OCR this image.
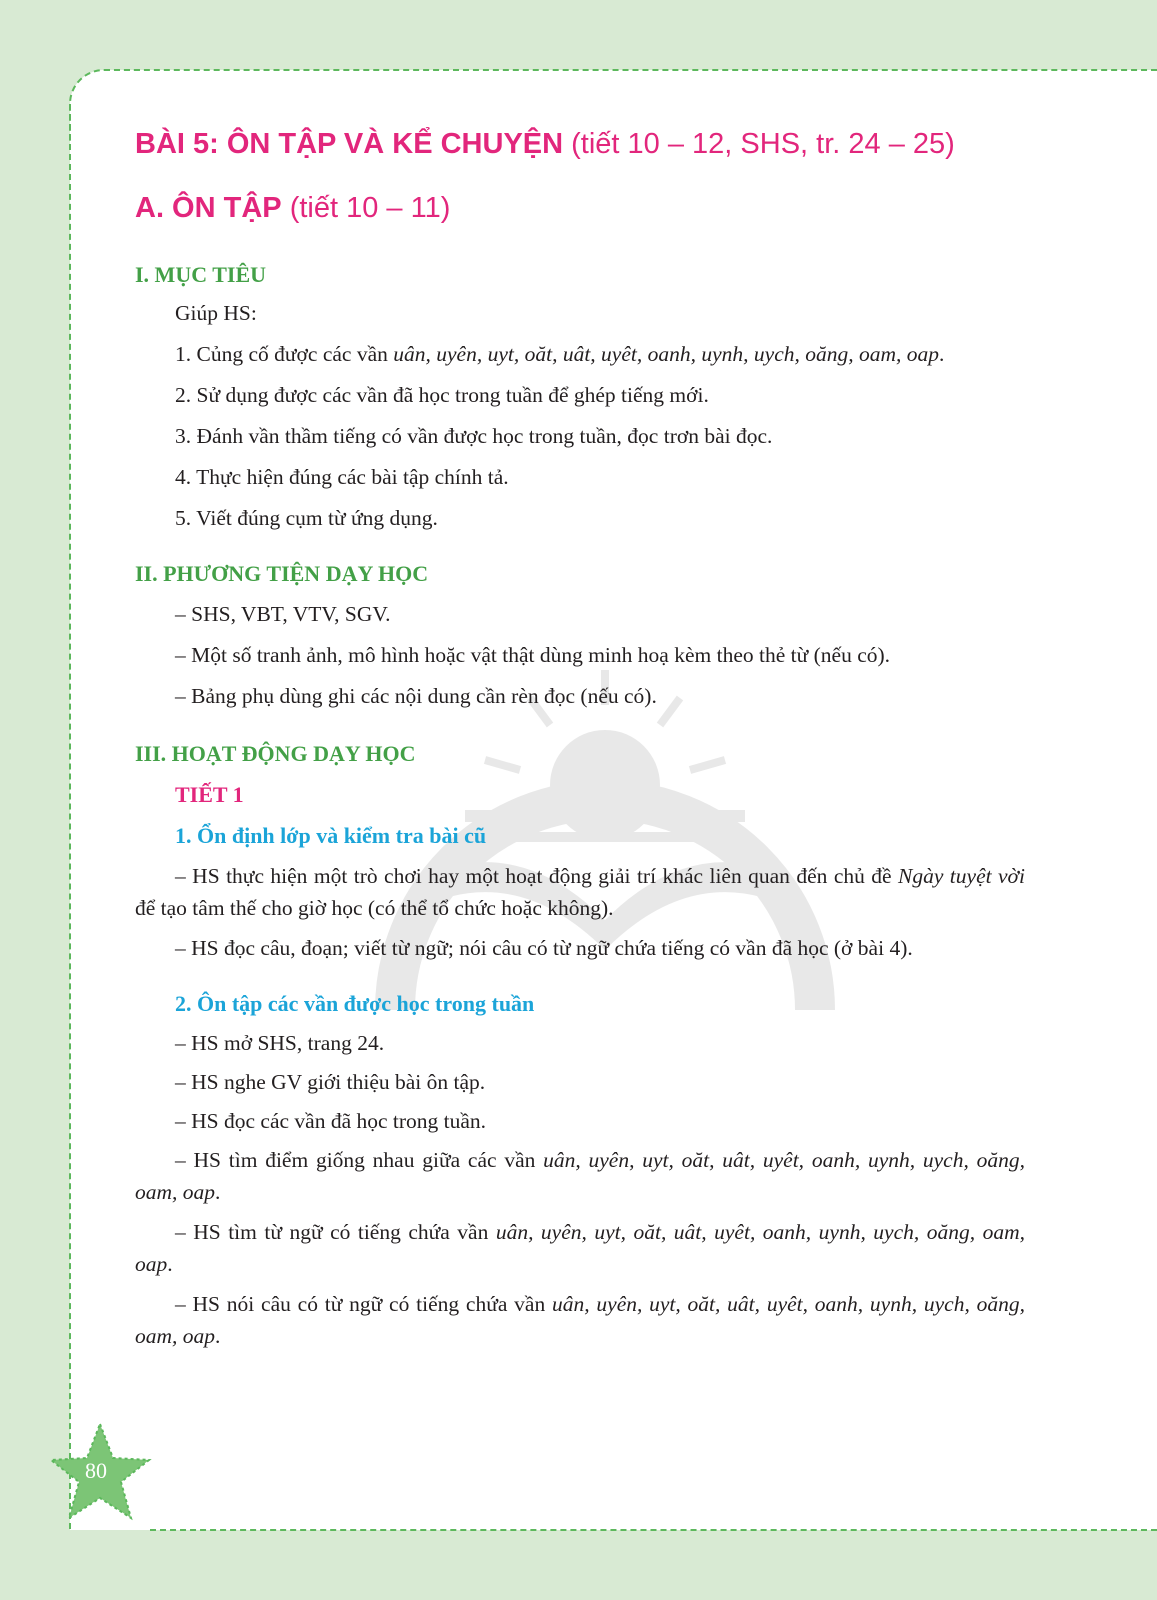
BÀI 5: ÔN TẬP VÀ KỂ CHUYỆN (tiết 10 – 12, SHS, tr. 24 – 25)

A. ÔN TẬP (tiết 10 – 11)

I. MỤC TIÊU

Giúp HS:

1. Củng cố được các vần uân, uyên, uyt, oăt, uât, uyêt, oanh, uynh, uych, oăng, oam, oap.

2. Sử dụng được các vần đã học trong tuần để ghép tiếng mới.

3. Đánh vần thầm tiếng có vần được học trong tuần, đọc trơn bài đọc.

4. Thực hiện đúng các bài tập chính tả.

5. Viết đúng cụm từ ứng dụng.

II. PHƯƠNG TIỆN DẠY HỌC

– SHS, VBT, VTV, SGV.

– Một số tranh ảnh, mô hình hoặc vật thật dùng minh hoạ kèm theo thẻ từ (nếu có).

– Bảng phụ dùng ghi các nội dung cần rèn đọc (nếu có).

III. HOẠT ĐỘNG DẠY HỌC

TIẾT 1

1. Ổn định lớp và kiểm tra bài cũ

– HS thực hiện một trò chơi hay một hoạt động giải trí khác liên quan đến chủ đề Ngày tuyệt vời để tạo tâm thế cho giờ học (có thể tổ chức hoặc không).

– HS đọc câu, đoạn; viết từ ngữ; nói câu có từ ngữ chứa tiếng có vần đã học (ở bài 4).

2. Ôn tập các vần được học trong tuần

– HS mở SHS, trang 24.

– HS nghe GV giới thiệu bài ôn tập.

– HS đọc các vần đã học trong tuần.

– HS tìm điểm giống nhau giữa các vần uân, uyên, uyt, oăt, uât, uyêt, oanh, uynh, uych, oăng, oam, oap.

– HS tìm từ ngữ có tiếng chứa vần uân, uyên, uyt, oăt, uât, uyêt, oanh, uynh, uych, oăng, oam, oap.

– HS nói câu có từ ngữ có tiếng chứa vần uân, uyên, uyt, oăt, uât, uyêt, oanh, uynh, uych, oăng, oam, oap.

80
